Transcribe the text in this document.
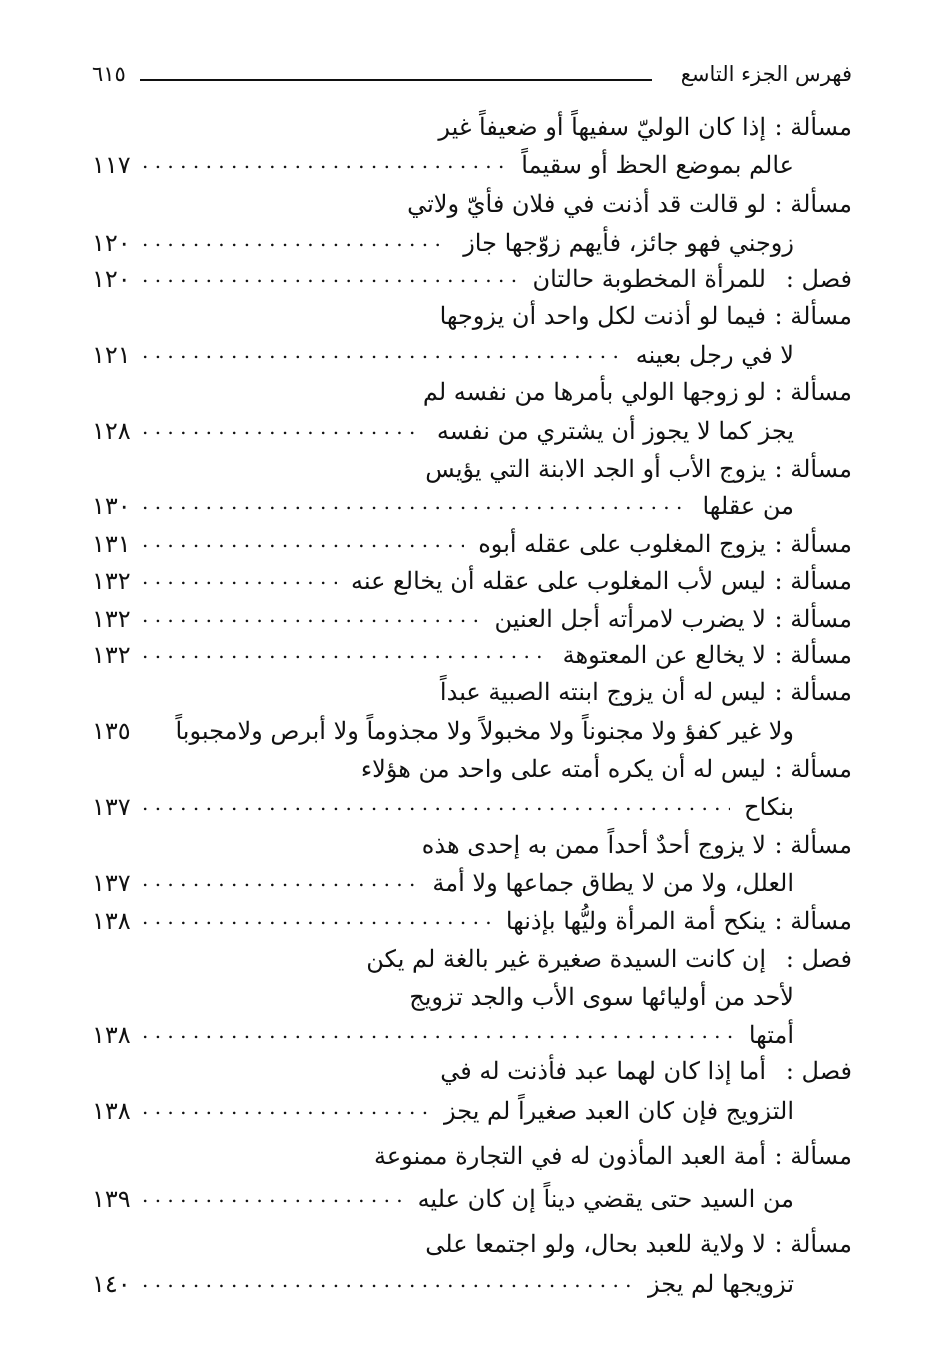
فهرس الجزء التاسع
٦١٥
مسألة :
إذا كان الوليّ سفيهاً أو ضعيفاً غير
عالم بموضع الحظ أو سقيماً
١١٧
. . .
مسألة :
لو قالت قد أذنت في فلان فأيّ ولاتي
زوجني فهو جائز، فأيهم زوّجها جاز
١٢٠
. . .
فصل :
للمرأة المخطوبة حالتان
١٢٠
. . .
مسألة :
فيما لو أذنت لكل واحد أن يزوجها
لا في رجل بعينه
١٢١
. . .
مسألة :
لو زوجها الولي بأمرها من نفسه لم
يجز كما لا يجوز أن يشتري من نفسه
١٢٨
. . .
مسألة :
يزوج الأب أو الجد الابنة التي يؤيس
من عقلها
١٣٠
. . .
مسألة :
يزوج المغلوب على عقله أبوه
١٣١
. . .
مسألة :
ليس لأب المغلوب على عقله أن يخالع عنه
١٣٢
. . .
مسألة :
لا يضرب لامرأته أجل العنين
١٣٢
. . .
مسألة :
لا يخالع عن المعتوهة
١٣٢
. . .
مسألة :
ليس له أن يزوج ابنته الصبية عبداً
ولا غير كفؤ ولا مجنوناً ولا مخبولاً ولا مجذوماً ولا أبرص ولامجبوباً
١٣٥
مسألة :
ليس له أن يكره أمته على واحد من هؤلاء
بنكاح
١٣٧
. . .
مسألة :
لا يزوج أحدٌ أحداً ممن به إحدى هذه
العلل، ولا من لا يطاق جماعها ولا أمة
١٣٧
. . .
مسألة :
ينكح أمة المرأة وليُّها بإذنها
١٣٨
. . .
فصل :
إن كانت السيدة صغيرة غير بالغة لم يكن
لأحد من أوليائها سوى الأب والجد تزويج
أمتها
١٣٨
. . .
فصل :
أما إذا كان لهما عبد فأذنت له في
التزويج فإن كان العبد صغيراً لم يجز
١٣٨
. . .
مسألة :
أمة العبد المأذون له في التجارة ممنوعة
من السيد حتى يقضي ديناً إن كان عليه
١٣٩
. . .
مسألة :
لا ولاية للعبد بحال، ولو اجتمعا على
تزويجها لم يجز
١٤٠
. . .
